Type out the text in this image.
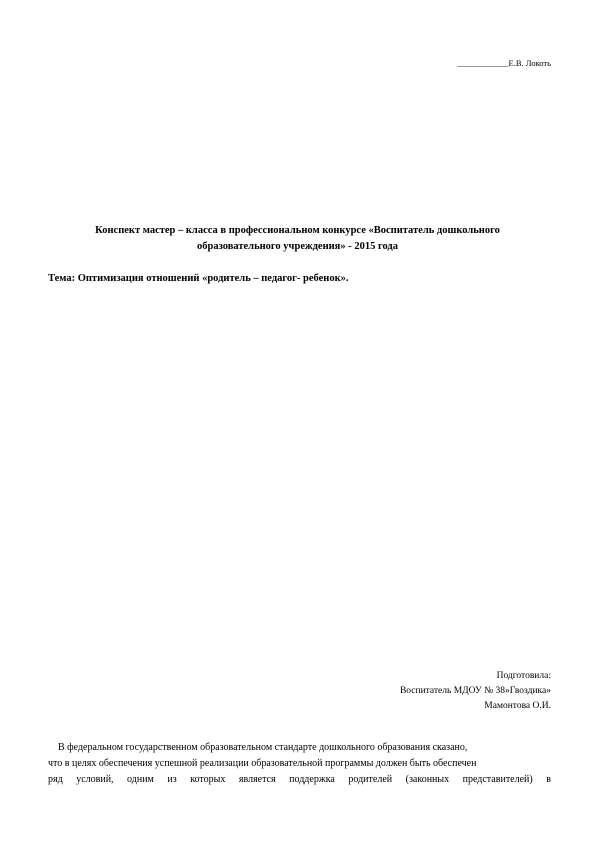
____________Е.В. Локоть
Конспект мастер – класса в профессиональном конкурсе «Воспитатель дошкольного
образовательного учреждения» - 2015 года
Тема: Оптимизация отношений «родитель – педагог- ребенок».
Подготовила:
Воспитатель МДОУ № 38»Гвоздика»
Мамонтова О.И.
В федеральном государственном образовательном стандарте дошкольного образования сказано,
что в целях обеспечения успешной реализации образовательной программы должен быть обеспечен
ряд условий, одним из которых является поддержка родителей (законных представителей) в
